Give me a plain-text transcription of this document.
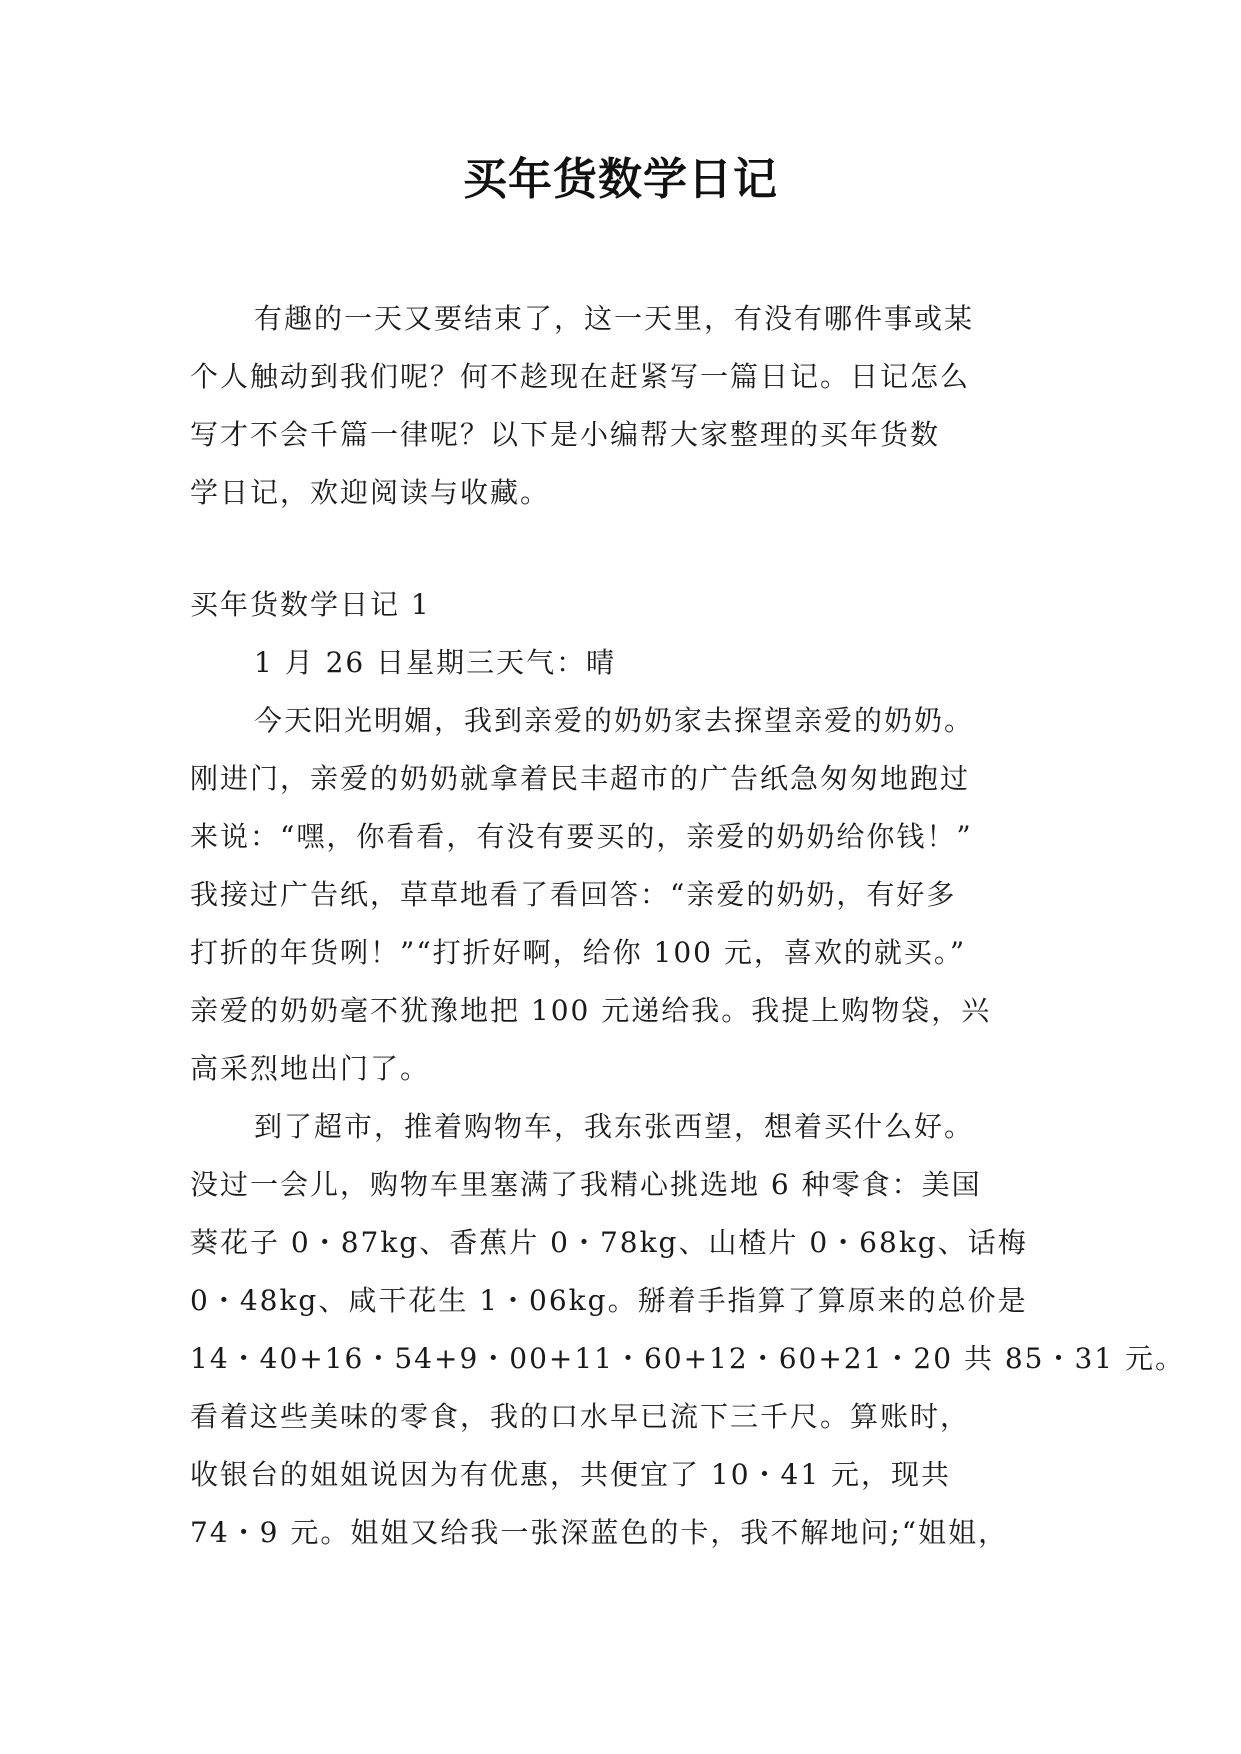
买年货数学日记
有趣的一天又要结束了，这一天里，有没有哪件事或某
个人触动到我们呢？何不趁现在赶紧写一篇日记。日记怎么
写才不会千篇一律呢？以下是小编帮大家整理的买年货数
学日记，欢迎阅读与收藏。
买年货数学日记 1
1 月 26 日星期三天气：晴
今天阳光明媚，我到亲爱的奶奶家去探望亲爱的奶奶。
刚进门，亲爱的奶奶就拿着民丰超市的广告纸急匆匆地跑过
来说：“嘿，你看看，有没有要买的，亲爱的奶奶给你钱！”
我接过广告纸，草草地看了看回答：“亲爱的奶奶，有好多
打折的年货咧！”“打折好啊，给你 100 元，喜欢的就买。”
亲爱的奶奶毫不犹豫地把 100 元递给我。我提上购物袋，兴
高采烈地出门了。
到了超市，推着购物车，我东张西望，想着买什么好。
没过一会儿，购物车里塞满了我精心挑选地 6 种零食：美国
葵花子 0・87kg、香蕉片 0・78kg、山楂片 0・68kg、话梅
0・48kg、咸干花生 1・06kg。掰着手指算了算原来的总价是
14・40+16・54+9・00+11・60+12・60+21・20 共 85・31 元。
看着这些美味的零食，我的口水早已流下三千尺。算账时，
收银台的姐姐说因为有优惠，共便宜了 10・41 元，现共
74・9 元。姐姐又给我一张深蓝色的卡，我不解地问;“姐姐，
